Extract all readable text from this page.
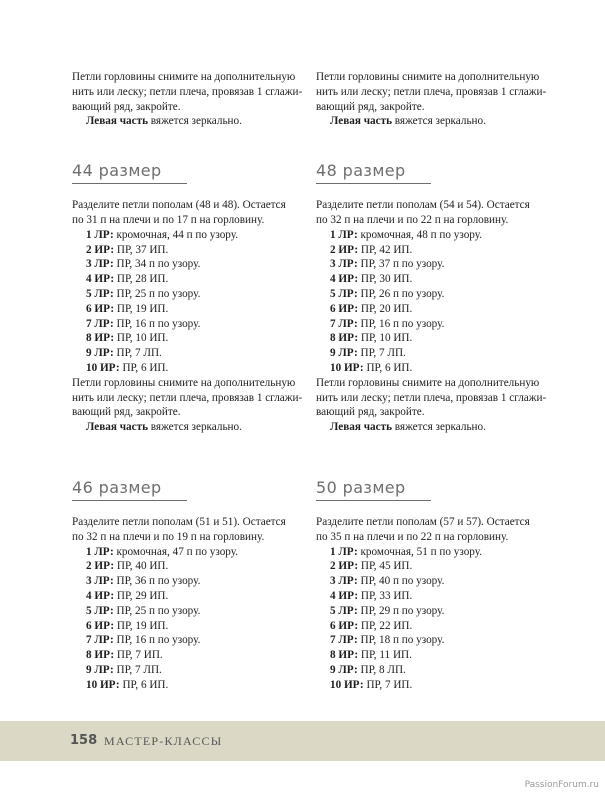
Петли горловины снимите на дополнительную
нить или леску; петли плеча, провязав 1 сглажи-
вающий ряд, закройте.

Левая часть вяжется зеркально.

44 размер

Разделите петли пополам (48 и 48). Остается
по 31 п на плечи и по 17 п на горловину.

1 ЛР: кромочная, 44 п по узору.
2 ИР: ПР, 37 ИП.
3 ЛР: ПР, 34 п по узору.
4 ИР: ПР, 28 ИП.
5 ЛР: ПР, 25 п по узору.
6 ИР: ПР, 19 ИП.
7 ЛР: ПР, 16 п по узору.
8 ИР: ПР, 10 ИП.
9 ЛР: ПР, 7 ЛП.
10 ИР: ПР, 6 ИП.

Петли горловины снимите на дополнительную
нить или леску; петли плеча, провязав 1 сглажи-
вающий ряд, закройте.

Левая часть вяжется зеркально.

46 размер

Разделите петли пополам (51 и 51). Остается
по 32 п на плечи и по 19 п на горловину.

1 ЛР: кромочная, 47 п по узору.
2 ИР: ПР, 40 ИП.
3 ЛР: ПР, 36 п по узору.
4 ИР: ПР, 29 ИП.
5 ЛР: ПР, 25 п по узору.
6 ИР: ПР, 19 ИП.
7 ЛР: ПР, 16 п по узору.
8 ИР: ПР, 7 ИП.
9 ЛР: ПР, 7 ЛП.
10 ИР: ПР, 6 ИП.

Петли горловины снимите на дополнительную
нить или леску; петли плеча, провязав 1 сглажи-
вающий ряд, закройте.

Левая часть вяжется зеркально.

48 размер

Разделите петли пополам (54 и 54). Остается
по 32 п на плечи и по 22 п на горловину.

1 ЛР: кромочная, 48 п по узору.
2 ИР: ПР, 42 ИП.
3 ЛР: ПР, 37 п по узору.
4 ИР: ПР, 30 ИП.
5 ЛР: ПР, 26 п по узору.
6 ИР: ПР, 20 ИП.
7 ЛР: ПР, 16 п по узору.
8 ИР: ПР, 10 ИП.
9 ЛР: ПР, 7 ЛП.
10 ИР: ПР, 6 ИП.

Петли горловины снимите на дополнительную
нить или леску; петли плеча, провязав 1 сглажи-
вающий ряд, закройте.

Левая часть вяжется зеркально.

50 размер

Разделите петли пополам (57 и 57). Остается
по 35 п на плечи и по 22 п на горловину.

1 ЛР: кромочная, 51 п по узору.
2 ИР: ПР, 45 ИП.
3 ЛР: ПР, 40 п по узору.
4 ИР: ПР, 33 ИП.
5 ЛР: ПР, 29 п по узору.
6 ИР: ПР, 22 ИП.
7 ЛР: ПР, 18 п по узору.
8 ИР: ПР, 11 ИП.
9 ЛР: ПР, 8 ЛП.
10 ИР: ПР, 7 ИП.
158 МАСТЕР-КЛАССЫ
PassionForum.ru
